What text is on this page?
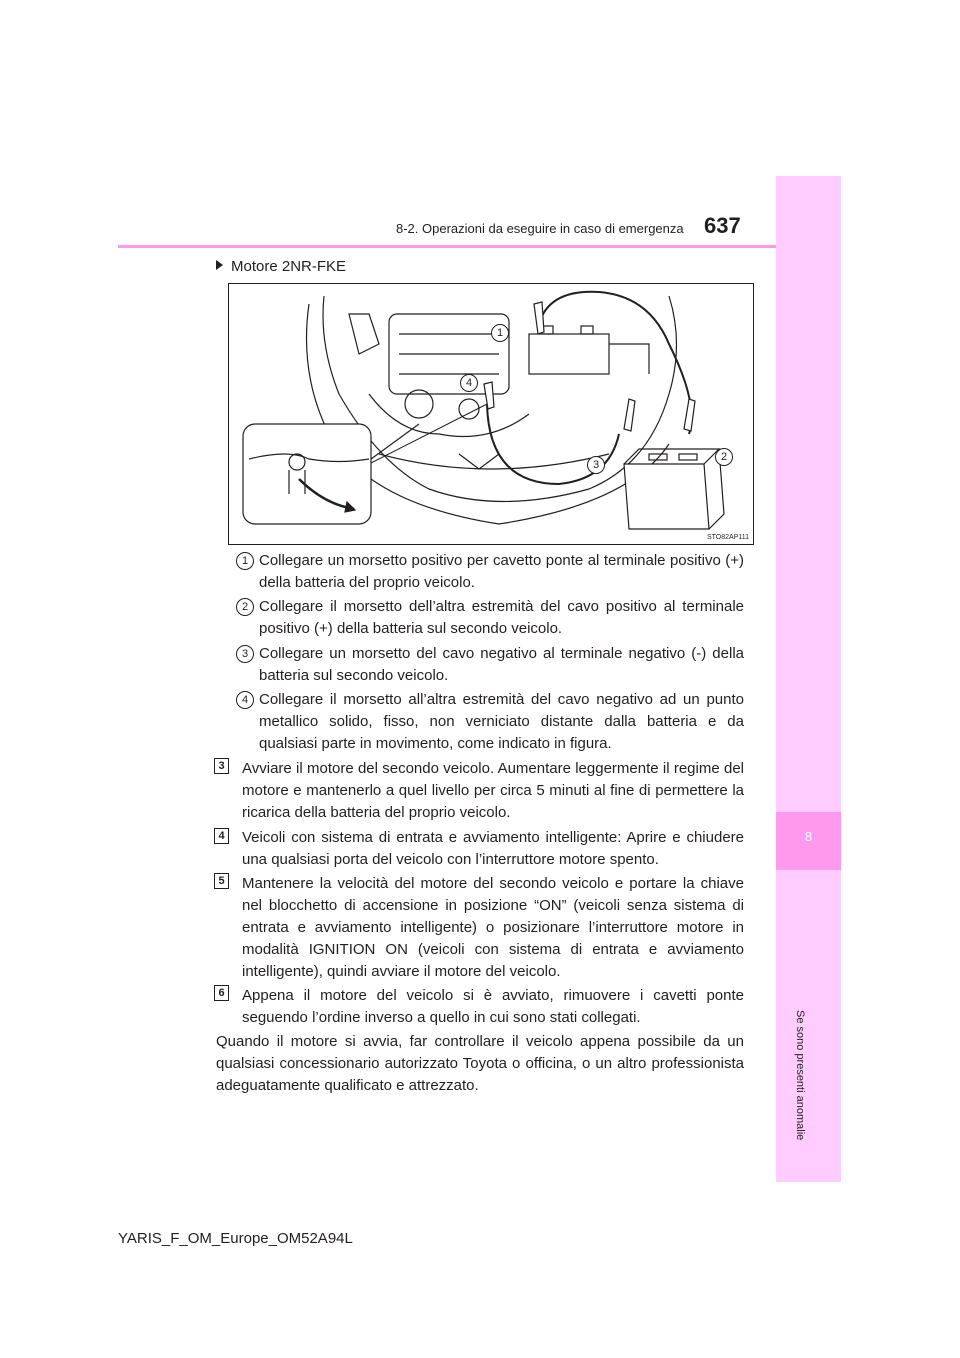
8-2. Operazioni da eseguire in caso di emergenza 637
8
Se sono presenti anomalie
Motore 2NR-FKE
1
4
3
2
STO82AP111
1 Collegare un morsetto positivo per cavetto ponte al terminale positivo (+) della batteria del proprio veicolo.
2 Collegare il morsetto dell’altra estremità del cavo positivo al terminale positivo (+) della batteria sul secondo veicolo.
3 Collegare un morsetto del cavo negativo al terminale negativo (-) della batteria sul secondo veicolo.
4 Collegare il morsetto all’altra estremità del cavo negativo ad un punto metallico solido, fisso, non verniciato distante dalla batteria e da qualsiasi parte in movimento, come indicato in figura.
3 Avviare il motore del secondo veicolo. Aumentare leggermente il regime del motore e mantenerlo a quel livello per circa 5 minuti al fine di permettere la ricarica della batteria del proprio veicolo.
4 Veicoli con sistema di entrata e avviamento intelligente: Aprire e chiudere una qualsiasi porta del veicolo con l’interruttore motore spento.
5 Mantenere la velocità del motore del secondo veicolo e portare la chiave nel blocchetto di accensione in posizione “ON” (veicoli senza sistema di entrata e avviamento intelligente) o posizionare l’interruttore motore in modalità IGNITION ON (veicoli con sistema di entrata e avviamento intelligente), quindi avviare il motore del veicolo.
6 Appena il motore del veicolo si è avviato, rimuovere i cavetti ponte seguendo l’ordine inverso a quello in cui sono stati collegati.
Quando il motore si avvia, far controllare il veicolo appena possibile da un qualsiasi concessionario autorizzato Toyota o officina, o un altro professionista adeguatamente qualificato e attrezzato.
YARIS_F_OM_Europe_OM52A94L
